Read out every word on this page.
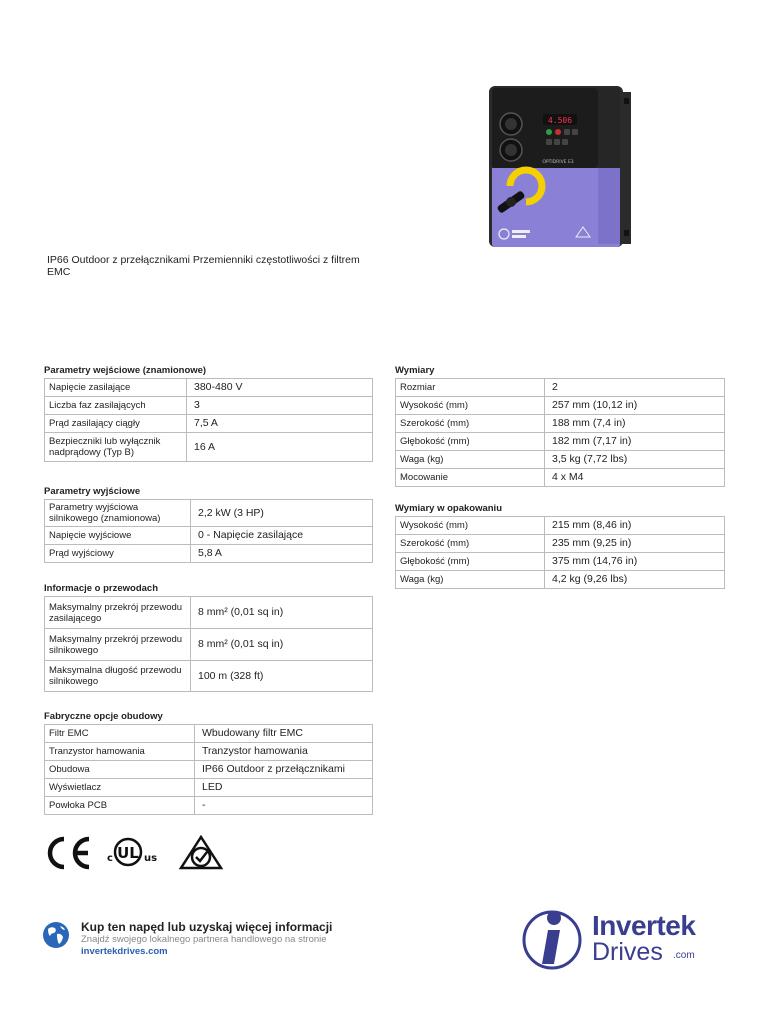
4.506
OPTIDRIVE E3
IP66 Outdoor z przełącznikami Przemienniki częstotliwości z filtrem EMC
Parametry wejściowe (znamionowe)
Napięcie zasilające	380-480 V
Liczba faz zasilających	3
Prąd zasilający ciągły	7,5 A
Bezpieczniki lub wyłącznik nadprądowy (Typ B)	16 A
Parametry wyjściowe
Parametry wyjściowa silnikowego (znamionowa)	2,2 kW (3 HP)
Napięcie wyjściowe	0 - Napięcie zasilające
Prąd wyjściowy	5,8 A
Informacje o przewodach
Maksymalny przekrój przewodu zasilającego	8 mm² (0,01 sq in)
Maksymalny przekrój przewodu silnikowego	8 mm² (0,01 sq in)
Maksymalna długość przewodu silnikowego	100 m (328 ft)
Fabryczne opcje obudowy
Filtr EMC	Wbudowany filtr EMC
Tranzystor hamowania	Tranzystor hamowania
Obudowa	IP66 Outdoor z przełącznikami
Wyświetlacz	LED
Powłoka PCB	-
Wymiary
Rozmiar	2
Wysokość (mm)	257 mm (10,12 in)
Szerokość (mm)	188 mm (7,4 in)
Głębokość (mm)	182 mm (7,17 in)
Waga (kg)	3,5 kg (7,72 lbs)
Mocowanie	4 x M4
Wymiary w opakowaniu
Wysokość (mm)	215 mm (8,46 in)
Szerokość (mm)	235 mm (9,25 in)
Głębokość (mm)	375 mm (14,76 in)
Waga (kg)	4,2 kg (9,26 lbs)
c UL us
Kup ten napęd lub uzyskaj więcej informacji
Znajdź swojego lokalnego partnera handlowego na stronie
invertekdrives.com
Invertek
Drives .com
